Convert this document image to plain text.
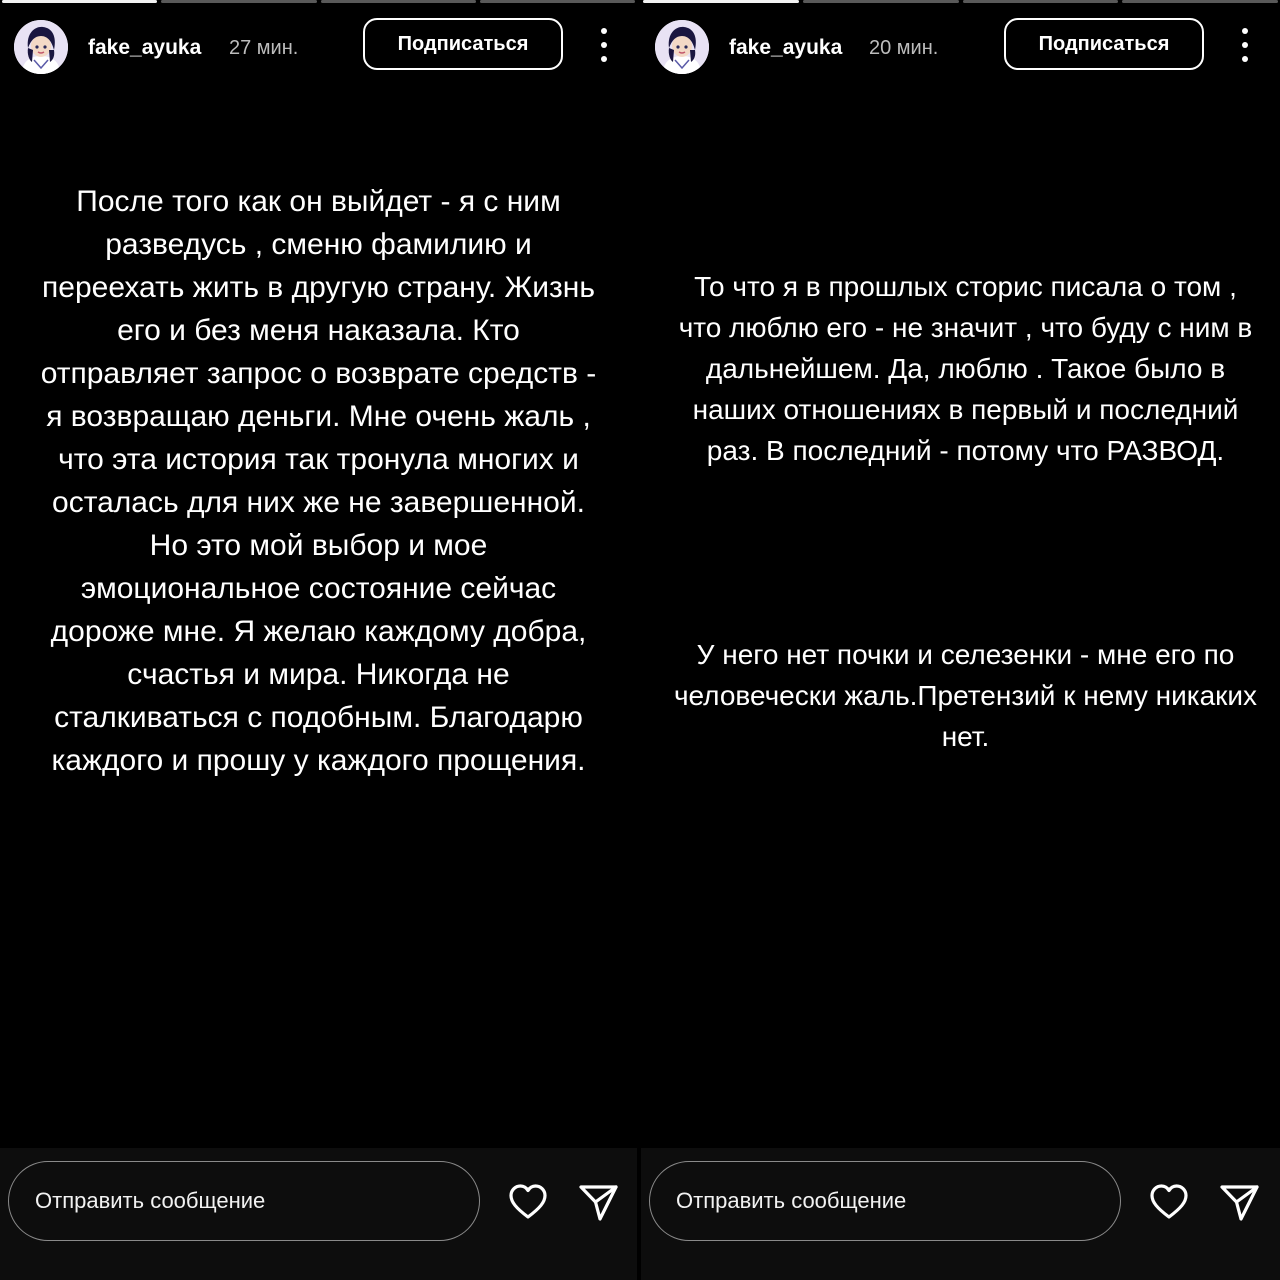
fake_ayuka 27 мин.	Подписаться
После того как он выйдет - я с ним разведусь , сменю фамилию и переехать жить в другую страну. Жизнь его и без меня наказала. Кто отправляет запрос о возврате средств - я возвращаю деньги. Мне очень жаль , что эта история так тронула многих и осталась для них же не завершенной. Но это мой выбор и мое эмоциональное состояние сейчас дороже мне. Я желаю каждому добра, счастья и мира. Никогда не сталкиваться с подобным. Благодарю каждого и прошу у каждого прощения.
Отправить сообщение
fake_ayuka 20 мин.	Подписаться
То что я в прошлых сторис писала о том , что люблю его - не значит , что буду с ним в дальнейшем. Да, люблю . Такое было в наших отношениях в первый и последний раз. В последний - потому что РАЗВОД.
У него нет почки и селезенки - мне его по человечески жаль.Претензий к нему никаких нет.
Отправить сообщение
